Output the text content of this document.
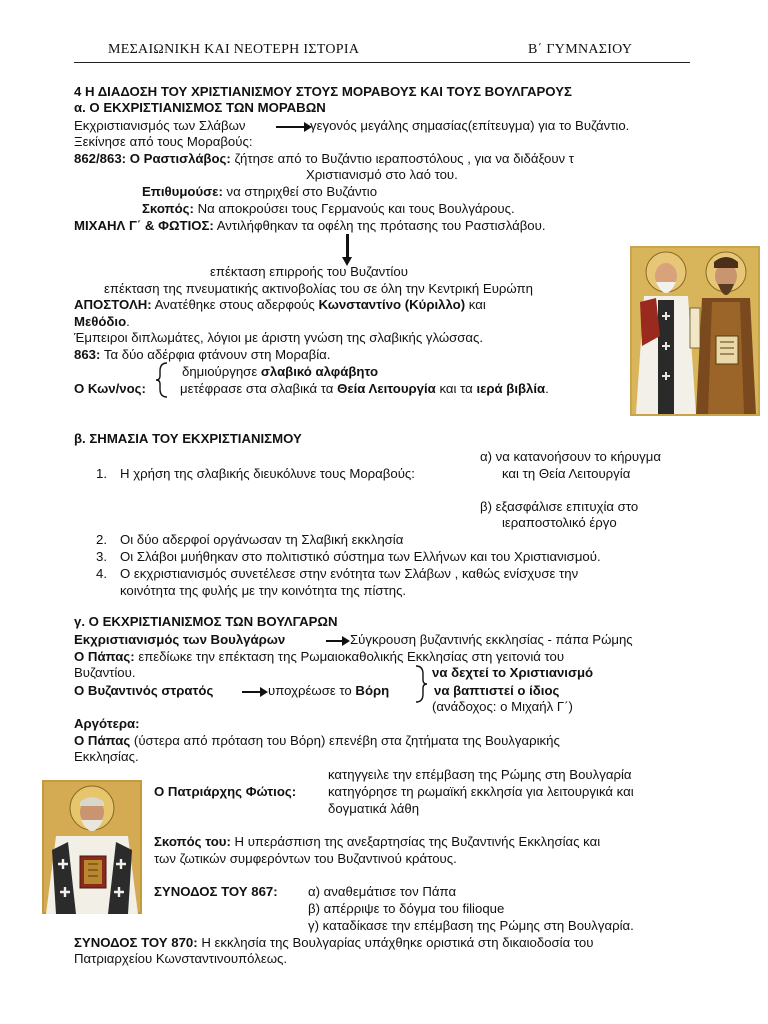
ΜΕΣΑΙΩΝΙΚΗ ΚΑΙ ΝΕΟΤΕΡΗ ΙΣΤΟΡΙΑ	Β΄ ΓΥΜΝΑΣΙΟΥ
4 Η ΔΙΑΔΟΣΗ ΤΟΥ ΧΡΙΣΤΙΑΝΙΣΜΟΥ ΣΤΟΥΣ ΜΟΡΑΒΟΥΣ ΚΑΙ ΤΟΥΣ ΒΟΥΛΓΑΡΟΥΣ
α. Ο ΕΚΧΡΙΣΤΙΑΝΙΣΜΟΣ ΤΩΝ ΜΟΡΑΒΩΝ
Εκχριστιανισμός των Σλάβων	γεγονός μεγάλης σημασίας(επίτευγμα) για το Βυζάντιο.
Ξεκίνησε από τους Μοραβούς:
862/863: Ο Ραστισλάβος: ζήτησε από το Βυζάντιο ιεραποστόλους , για να διδάξουν τ
Χριστιανισμό στο λαό του.
Επιθυμούσε: να στηριχθεί στο Βυζάντιο
Σκοπός: Να αποκρούσει τους Γερμανούς και τους Βουλγάρους.
ΜΙΧΑΗΛ Γ΄ & ΦΩΤΙΟΣ: Αντιλήφθηκαν τα οφέλη της πρότασης του Ραστισλάβου.
επέκταση επιρροής του Βυζαντίου
επέκταση της πνευματικής ακτινοβολίας του σε όλη την Κεντρική Ευρώπη
ΑΠΟΣΤΟΛΗ: Ανατέθηκε στους αδερφούς Κωνσταντίνο (Κύριλλο) και
Μεθόδιο.
Έμπειροι διπλωμάτες, λόγιοι με άριστη γνώση της σλαβικής γλώσσας.
863: Τα δύο αδέρφια φτάνουν στη Μοραβία.
δημιούργησε σλαβικό αλφάβητο
Ο Κων/νος:	μετέφρασε στα σλαβικά τα Θεία Λειτουργία και τα ιερά βιβλία.
β. ΣΗΜΑΣΙΑ ΤΟΥ ΕΚΧΡΙΣΤΙΑΝΙΣΜΟΥ
α) να κατανοήσουν το κήρυγμα
1. Η χρήση της σλαβικής διευκόλυνε τους Μοραβούς:	και τη Θεία Λειτουργία
β) εξασφάλισε επιτυχία στο
ιεραποστολικό έργο
2. Οι δύο αδερφοί οργάνωσαν τη Σλαβική εκκλησία
3. Οι Σλάβοι μυήθηκαν στο πολιτιστικό σύστημα των Ελλήνων και του Χριστιανισμού.
4. Ο εκχριστιανισμός συνετέλεσε στην ενότητα των Σλάβων , καθώς ενίσχυσε την
κοινότητα της φυλής με την κοινότητα της πίστης.
γ. Ο ΕΚΧΡΙΣΤΙΑΝΙΣΜΟΣ ΤΩΝ ΒΟΥΛΓΑΡΩΝ
Εκχριστιανισμός των Βουλγάρων	Σύγκρουση βυζαντινής εκκλησίας - πάπα Ρώμης
Ο Πάπας: επεδίωκε την επέκταση της Ρωμαιοκαθολικής Εκκλησίας στη γειτονιά του
Βυζαντίου.	να δεχτεί το Χριστιανισμό
Ο Βυζαντινός στρατός	υποχρέωσε το Βόρη	να βαπτιστεί ο ίδιος
(ανάδοχος: ο Μιχαήλ Γ΄)
Αργότερα:
Ο Πάπας (ύστερα από πρόταση του Βόρη) επενέβη στα ζητήματα της Βουλγαρικής
Εκκλησίας.
κατηγγειλε την επέμβαση της Ρώμης στη Βουλγαρία
Ο Πατριάρχης Φώτιος: κατηγόρησε τη ρωμαϊκή εκκλησία για λειτουργικά και
δογματικά λάθη
Σκοπός του: Η υπεράσπιση της ανεξαρτησίας της Βυζαντινής Εκκλησίας και
των ζωτικών συμφερόντων του Βυζαντινού κράτους.
ΣΥΝΟΔΟΣ ΤΟΥ 867: α) αναθεμάτισε τον Πάπα
β) απέρριψε το δόγμα του filioque
γ) καταδίκασε την επέμβαση της Ρώμης στη Βουλγαρία.
ΣΥΝΟΔΟΣ ΤΟΥ 870: Η εκκλησία της Βουλγαρίας υπάχθηκε οριστικά στη δικαιοδοσία του
Πατριαρχείου Κωνσταντινουπόλεως.
